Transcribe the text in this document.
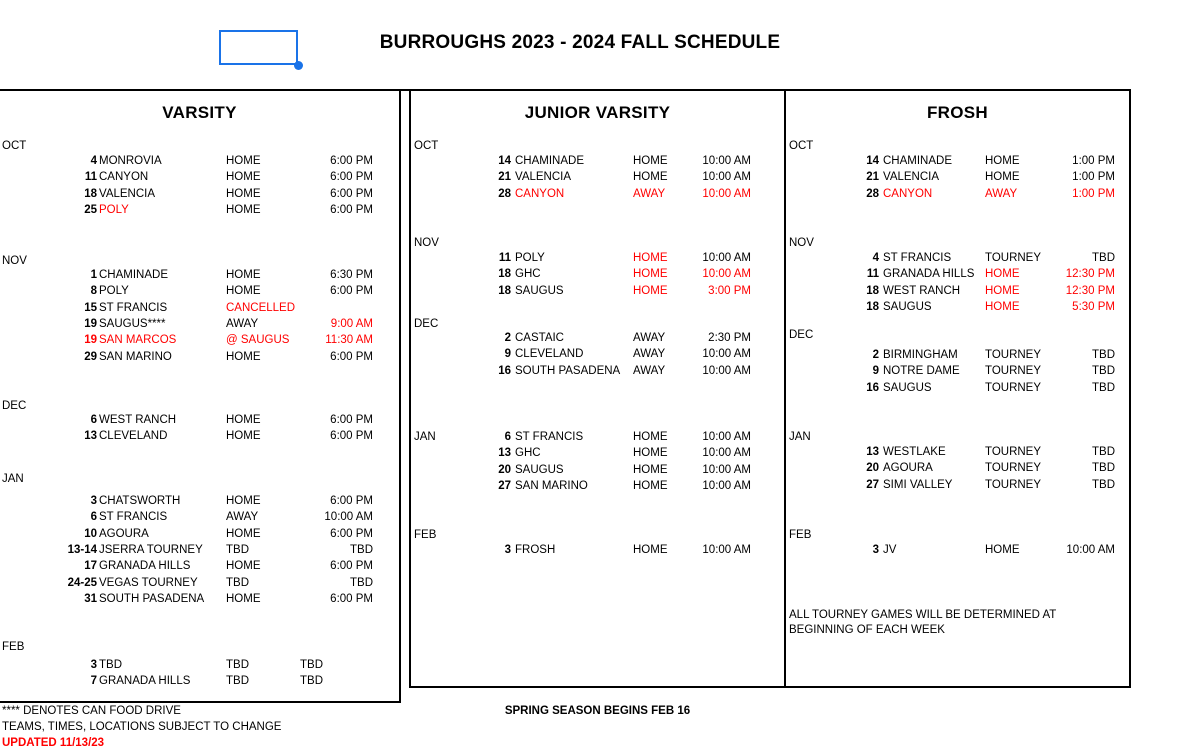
BURROUGHS 2023 - 2024 FALL SCHEDULE
VARSITY
OCT
4 MONROVIA	HOME	6:00 PM
11 CANYON	HOME	6:00 PM
18 VALENCIA	HOME	6:00 PM
25 POLY	HOME	6:00 PM
NOV
1 CHAMINADE	HOME	6:30 PM
8 POLY	HOME	6:00 PM
15 ST FRANCIS	CANCELLED
19 SAUGUS****	AWAY	9:00 AM
19 SAN MARCOS	@ SAUGUS	11:30 AM
29 SAN MARINO	HOME	6:00 PM
DEC
6 WEST RANCH	HOME	6:00 PM
13 CLEVELAND	HOME	6:00 PM
JAN
3 CHATSWORTH	HOME	6:00 PM
6 ST FRANCIS	AWAY	10:00 AM
10 AGOURA	HOME	6:00 PM
13-14 JSERRA TOURNEY TBD	TBD
17 GRANADA HILLS	HOME	6:00 PM
24-25 VEGAS TOURNEY TBD	TBD
31 SOUTH PASADENA HOME	6:00 PM
FEB
3 TBD	TBD	TBD
7 GRANADA HILLS	TBD	TBD
JUNIOR VARSITY
OCT
14 CHAMINADE	HOME	10:00 AM
21 VALENCIA	HOME	10:00 AM
28 CANYON	AWAY	10:00 AM
NOV
11 POLY	HOME	10:00 AM
18 GHC	HOME	10:00 AM
18 SAUGUS	HOME	3:00 PM
DEC
2 CASTAIC	AWAY	2:30 PM
9 CLEVELAND	AWAY	10:00 AM
16 SOUTH PASADENA AWAY	10:00 AM
JAN	6 ST FRANCIS	HOME	10:00 AM
13 GHC	HOME	10:00 AM
20 SAUGUS	HOME	10:00 AM
27 SAN MARINO	HOME	10:00 AM
FEB
3 FROSH	HOME	10:00 AM
FROSH
OCT
14 CHAMINADE	HOME	1:00 PM
21 VALENCIA	HOME	1:00 PM
28 CANYON	AWAY	1:00 PM
NOV
4 ST FRANCIS	TOURNEY	TBD
11 GRANADA HILLS HOME	12:30 PM
18 WEST RANCH HOME	12:30 PM
18 SAUGUS	HOME	5:30 PM
DEC
2 BIRMINGHAM TOURNEY	TBD
9 NOTRE DAME TOURNEY	TBD
16 SAUGUS	TOURNEY	TBD
JAN
13 WESTLAKE	TOURNEY	TBD
20 AGOURA	TOURNEY	TBD
27 SIMI VALLEY	TOURNEY	TBD
FEB
3 JV	HOME	10:00 AM
ALL TOURNEY GAMES WILL BE DETERMINED AT BEGINNING OF EACH WEEK
**** DENOTES CAN FOOD DRIVE
TEAMS, TIMES, LOCATIONS SUBJECT TO CHANGE
UPDATED 11/13/23
SPRING SEASON BEGINS FEB 16
